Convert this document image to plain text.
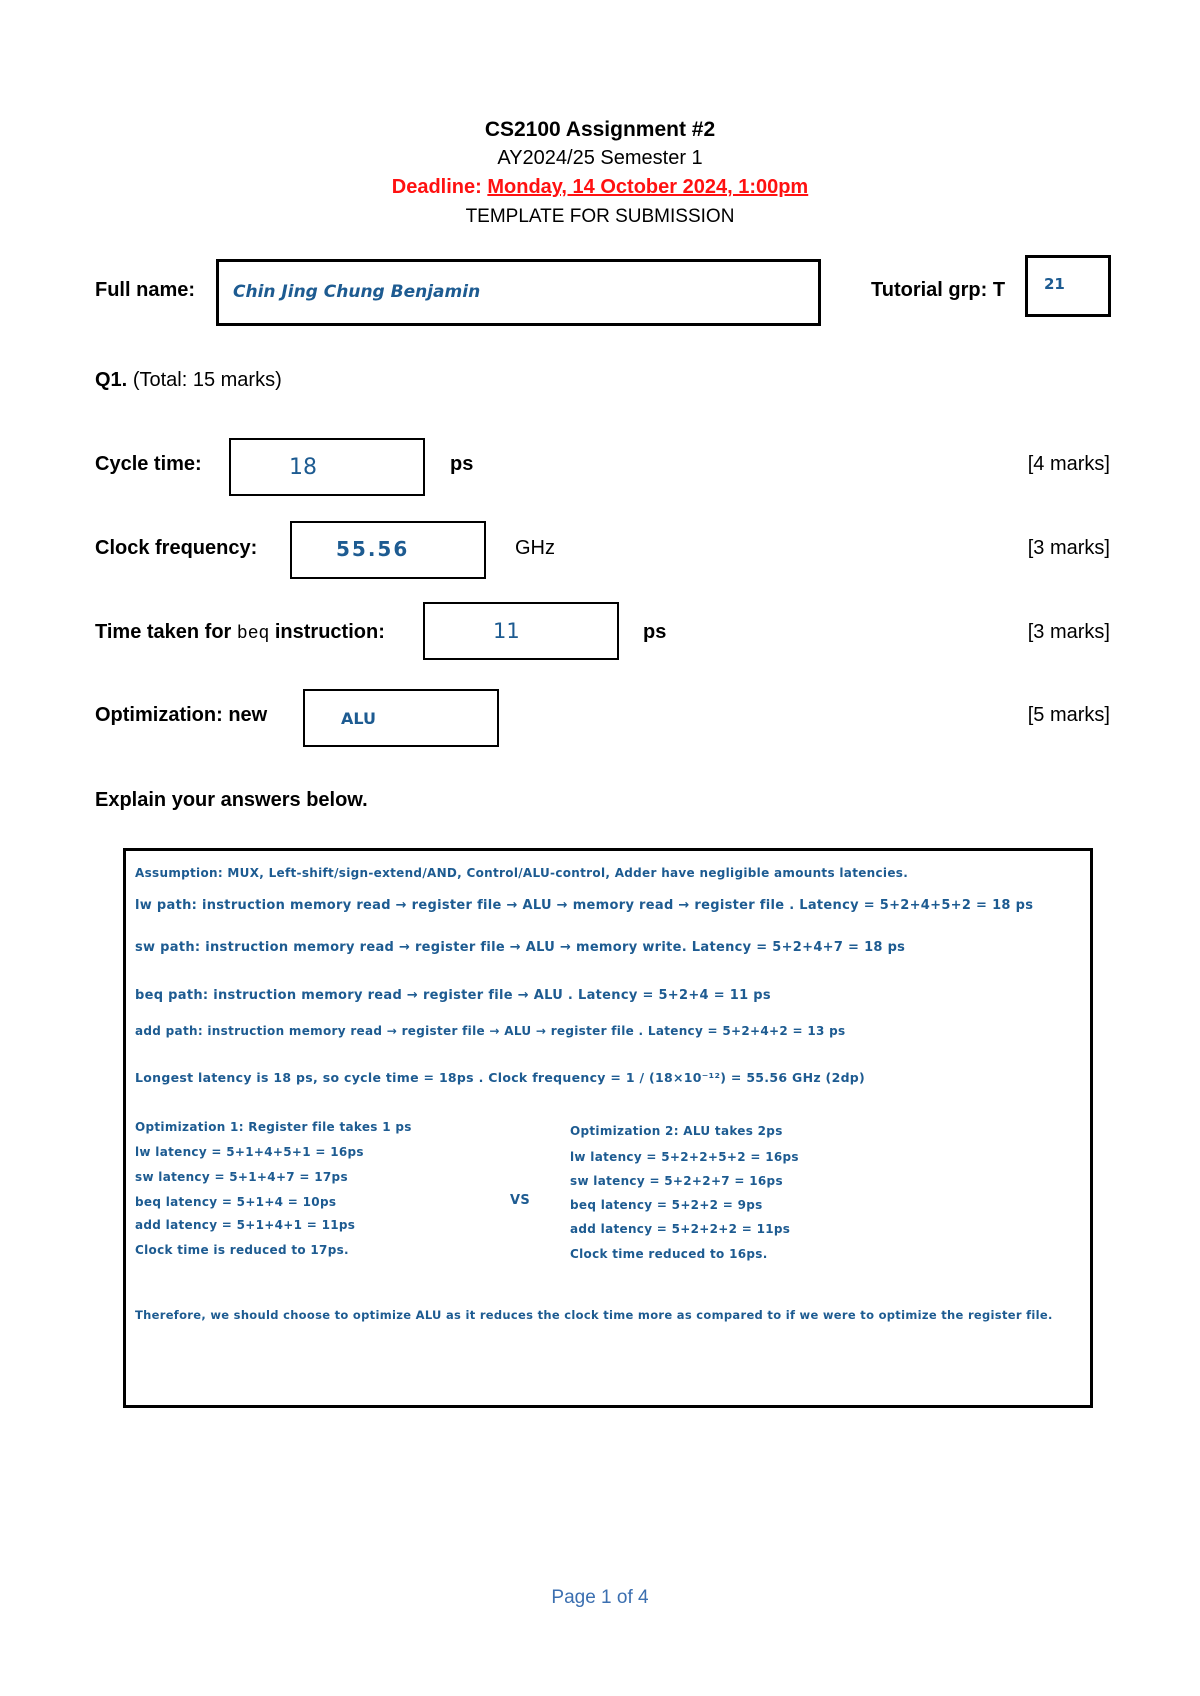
CS2100 Assignment #2
AY2024/25 Semester 1
Deadline: Monday, 14 October 2024, 1:00pm
TEMPLATE FOR SUBMISSION
Full name: Chin Jing Chung Benjamin	Tutorial grp: T	21
Q1. (Total: 15 marks)
Cycle time:	18	ps	[4 marks]
Clock frequency:	55.56	GHz	[3 marks]
Time taken for beq instruction:	11	ps	[3 marks]
Optimization: new	ALU	[5 marks]
Explain your answers below.
Assumption: MUX, Left-shift/sign-extend/AND, Control/ALU-control, Adder have negligible amounts latencies.
lw path: instruction memory read → register file → ALU → memory read → register file . Latency = 5+2+4+5+2 = 18 ps
sw path: instruction memory read → register file → ALU → memory write. Latency = 5+2+4+7 = 18 ps
beq path: instruction memory read → register file → ALU . Latency = 5+2+4 = 11 ps
add path: instruction memory read → register file → ALU → register file . Latency = 5+2+4+2 = 13 ps
Longest latency is 18 ps, so cycle time = 18ps . Clock frequency = 1 / (18×10⁻¹²) = 55.56 GHz (2dp)
Optimization 1: Register file takes 1 ps
lw latency = 5+1+4+5+1 = 16ps
sw latency = 5+1+4+7 = 17ps
beq latency = 5+1+4 = 10ps
add latency = 5+1+4+1 = 11ps
Clock time is reduced to 17ps.
VS
Optimization 2: ALU takes 2ps
lw latency = 5+2+2+5+2 = 16ps
sw latency = 5+2+2+7 = 16ps
beq latency = 5+2+2 = 9ps
add latency = 5+2+2+2 = 11ps
Clock time reduced to 16ps.
Therefore, we should choose to optimize ALU as it reduces the clock time more as compared to if we were to optimize the register file.
Page 1 of 4
